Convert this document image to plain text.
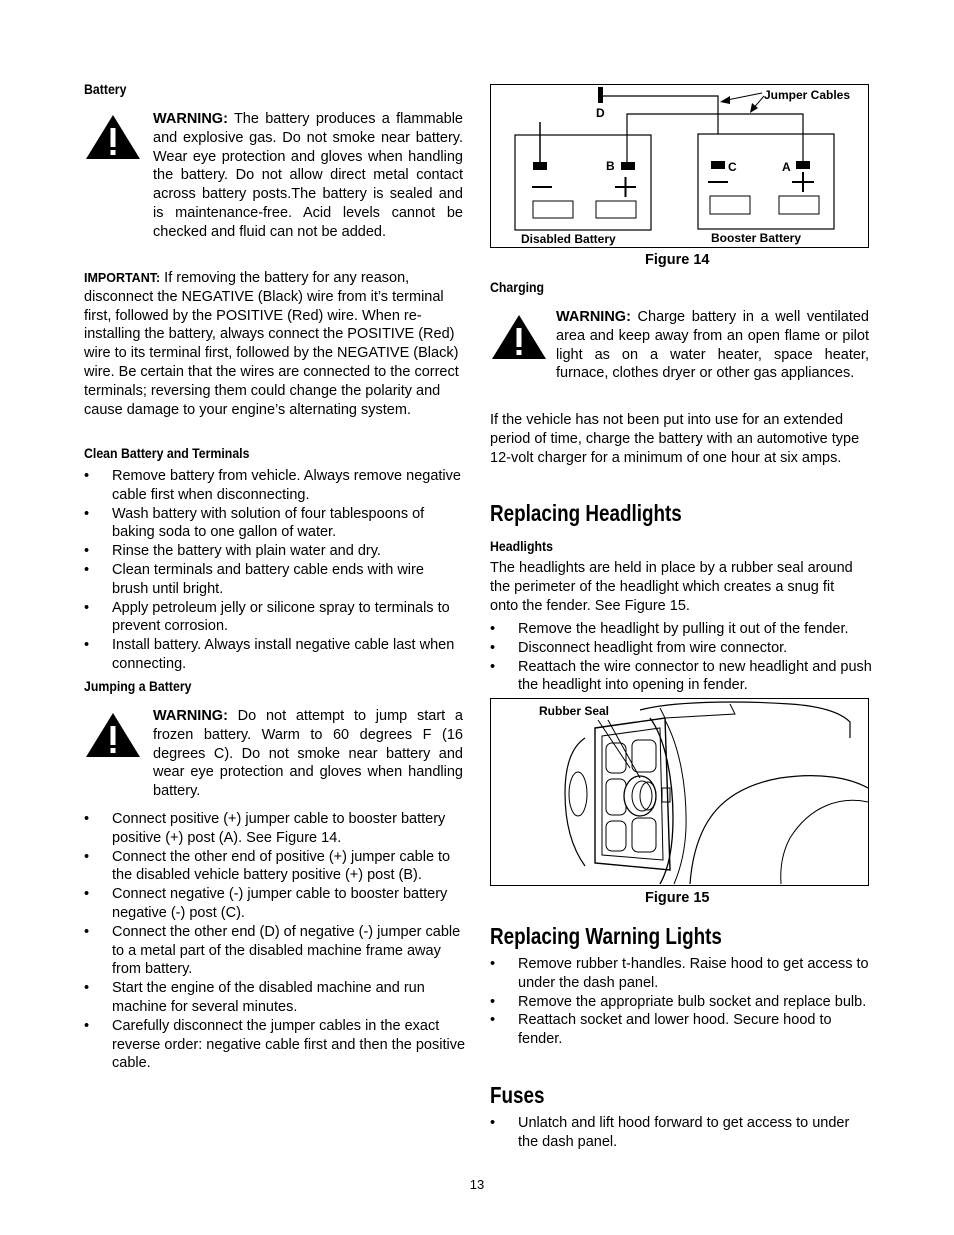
Battery
WARNING: The battery produces a flammable and explosive gas. Do not smoke near battery. Wear eye protection and gloves when handling the battery. Do not allow direct metal contact across battery posts.The battery is sealed and is maintenance-free. Acid levels cannot be checked and fluid can not be added.
IMPORTANT: If removing the battery for any reason, disconnect the NEGATIVE (Black) wire from it’s terminal first, followed by the POSITIVE (Red) wire. When re-installing the battery, always connect the POSITIVE (Red) wire to its terminal first, followed by the NEGATIVE (Black) wire. Be certain that the wires are connected to the correct terminals; reversing them could change the polarity and cause damage to your engine’s alternating system.
Clean Battery and Terminals
• Remove battery from vehicle. Always remove negative cable first when disconnecting.
• Wash battery with solution of four tablespoons of baking soda to one gallon of water.
• Rinse the battery with plain water and dry.
• Clean terminals and battery cable ends with wire brush until bright.
• Apply petroleum jelly or silicone spray to terminals to prevent corrosion.
• Install battery. Always install negative cable last when connecting.
Jumping a Battery
WARNING: Do not attempt to jump start a frozen battery. Warm to 60 degrees F (16 degrees C). Do not smoke near battery and wear eye protection and gloves when handling battery.
• Connect positive (+) jumper cable to booster battery positive (+) post (A). See Figure 14.
• Connect the other end of positive (+) jumper cable to the disabled vehicle battery positive (+) post (B).
• Connect negative (-) jumper cable to booster battery negative (-) post (C).
• Connect the other end (D) of negative (-) jumper cable to a metal part of the disabled machine frame away from battery.
• Start the engine of the disabled machine and run machine for several minutes.
• Carefully disconnect the jumper cables in the exact reverse order: negative cable first and then the positive cable.
D
Jumper Cables
B
Disabled Battery
C	A
Booster Battery
Figure 14
Charging
WARNING: Charge battery in a well ventilated area and keep away from an open flame or pilot light as on a water heater, space heater, furnace, clothes dryer or other gas appliances.
If the vehicle has not been put into use for an extended period of time, charge the battery with an automotive type 12-volt charger for a minimum of one hour at six amps.
Replacing Headlights
Headlights
The headlights are held in place by a rubber seal around the perimeter of the headlight which creates a snug fit onto the fender. See Figure 15.
• Remove the headlight by pulling it out of the fender.
• Disconnect headlight from wire connector.
• Reattach the wire connector to new headlight and push the headlight into opening in fender.
Rubber Seal
Figure 15
Replacing Warning Lights
• Remove rubber t-handles. Raise hood to get access to under the dash panel.
• Remove the appropriate bulb socket and replace bulb.
• Reattach socket and lower hood. Secure hood to fender.
Fuses
• Unlatch and lift hood forward to get access to under the dash panel.
13
